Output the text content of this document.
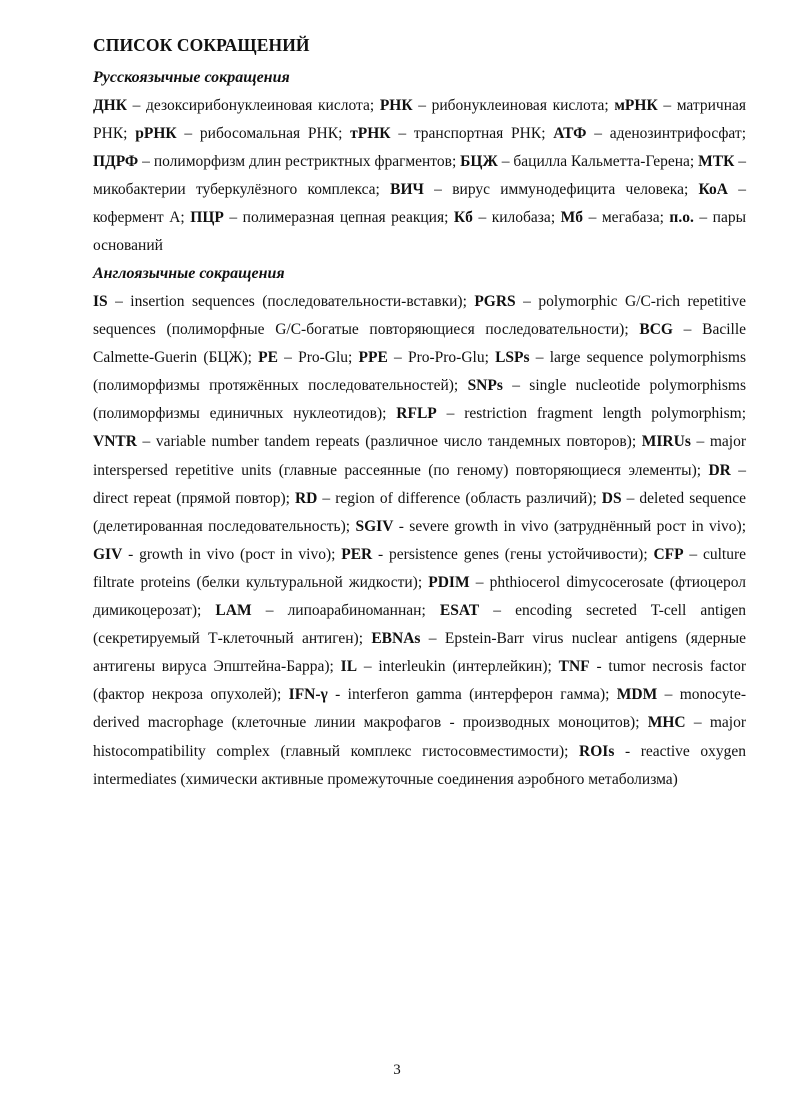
СПИСОК СОКРАЩЕНИЙ
Русскоязычные сокращения

ДНК – дезоксирибонуклеиновая кислота; РНК – рибонуклеиновая кислота; мРНК – матричная РНК; рРНК – рибосомальная РНК; тРНК – транспортная РНК; АТФ – аденозинтрифосфат; ПДРФ – полиморфизм длин рестриктных фрагментов; БЦЖ – бацилла Кальметта-Герена; МТК – микобактерии туберкулёзного комплекса; ВИЧ – вирус иммунодефицита человека; КоА – кофермент А; ПЦР – полимеразная цепная реакция; Кб – килобаза; Мб – мегабаза; п.о. – пары оснований

Англоязычные сокращения

IS – insertion sequences (последовательности-вставки); PGRS – polymorphic G/C-rich repetitive sequences (полиморфные G/C-богатые повторяющиеся последовательности); BCG – Bacille Calmette-Guerin (БЦЖ); PE – Pro-Glu; PPE – Pro-Pro-Glu; LSPs – large sequence polymorphisms (полиморфизмы протяжённых последовательностей); SNPs – single nucleotide polymorphisms (полиморфизмы единичных нуклеотидов); RFLP – restriction fragment length polymorphism; VNTR – variable number tandem repeats (различное число тандемных повторов); MIRUs – major interspersed repetitive units (главные рассеянные (по геному) повторяющиеся элементы); DR – direct repeat (прямой повтор); RD – region of difference (область различий); DS – deleted sequence (делетированная последовательность); SGIV - severe growth in vivo (затруднённый рост in vivo); GIV - growth in vivo (рост in vivo); PER - persistence genes (гены устойчивости); CFP – culture filtrate proteins (белки культуральной жидкости); PDIM – phthiocerol dimycocerosate (фтиоцерол димикоцерозат); LAM – липоарабиноманнан; ESAT – encoding secreted T-cell antigen (секретируемый Т-клеточный антиген); EBNAs – Epstein-Barr virus nuclear antigens (ядерные антигены вируса Эпштейна-Барра); IL – interleukin (интерлейкин); TNF - tumor necrosis factor (фактор некроза опухолей); IFN-γ - interferon gamma (интерферон гамма); MDM – monocyte-derived macrophage (клеточные линии макрофагов - производных моноцитов); MHC – major histocompatibility complex (главный комплекс гистосовместимости); ROIs - reactive oxygen intermediates (химически активные промежуточные соединения аэробного метаболизма)

3
